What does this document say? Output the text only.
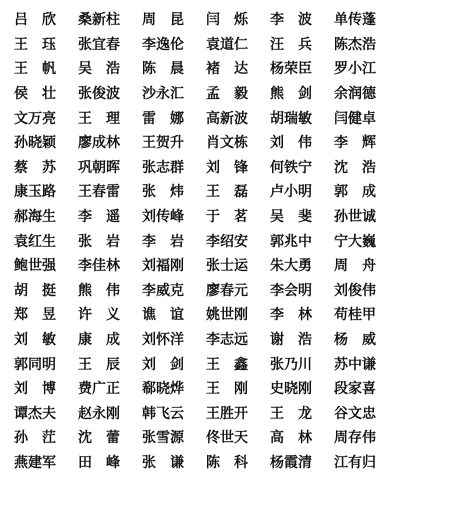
吕　欣	桑新柱	周　昆	闫　烁	李　波	单传蓬
王　珏	张宜春	李逸伦	袁道仁	汪　兵	陈杰浩
王　帆	吴　浩	陈　晨	褚　达	杨荣臣	罗小江
侯　壮	张俊波	沙永汇	孟　毅	熊　剑	余润德
文万亮	王　理	雷　娜	高新波	胡瑞敏	闫健卓
孙晓颖	廖成林	王贺升	肖文栋	刘　伟	李　辉
蔡　苏	巩朝晖	张志群	刘　锋	何铁宁	沈　浩
康玉路	王春雷	张　炜	王　磊	卢小明	郭　成
郝海生	李　遥	刘传峰	于　茗	吴　斐	孙世诚
袁红生	张　岩	李　岩	李绍安	郭兆中	宁大巍
鲍世强	李佳林	刘福刚	张士运	朱大勇	周　舟
胡　挺	熊　伟	李威克	廖春元	李会明	刘俊伟
郑　昱	许　义	谯　谊	姚世刚	李　林	苟桂甲
刘　敏	康　成	刘怀洋	李志远	谢　浩	杨　威
郭同明	王　辰	刘　剑	王　鑫	张乃川	苏中谦
刘　博	费广正	郗晓烨	王　刚	史晓刚	段家喜
谭杰夫	赵永刚	韩飞云	王胜开	王　龙	谷文忠
孙　茳	沈　蕾	张雪源	佟世天	高　林	周存伟
燕建军	田　峰	张　谦	陈　科	杨霞清	江有归
